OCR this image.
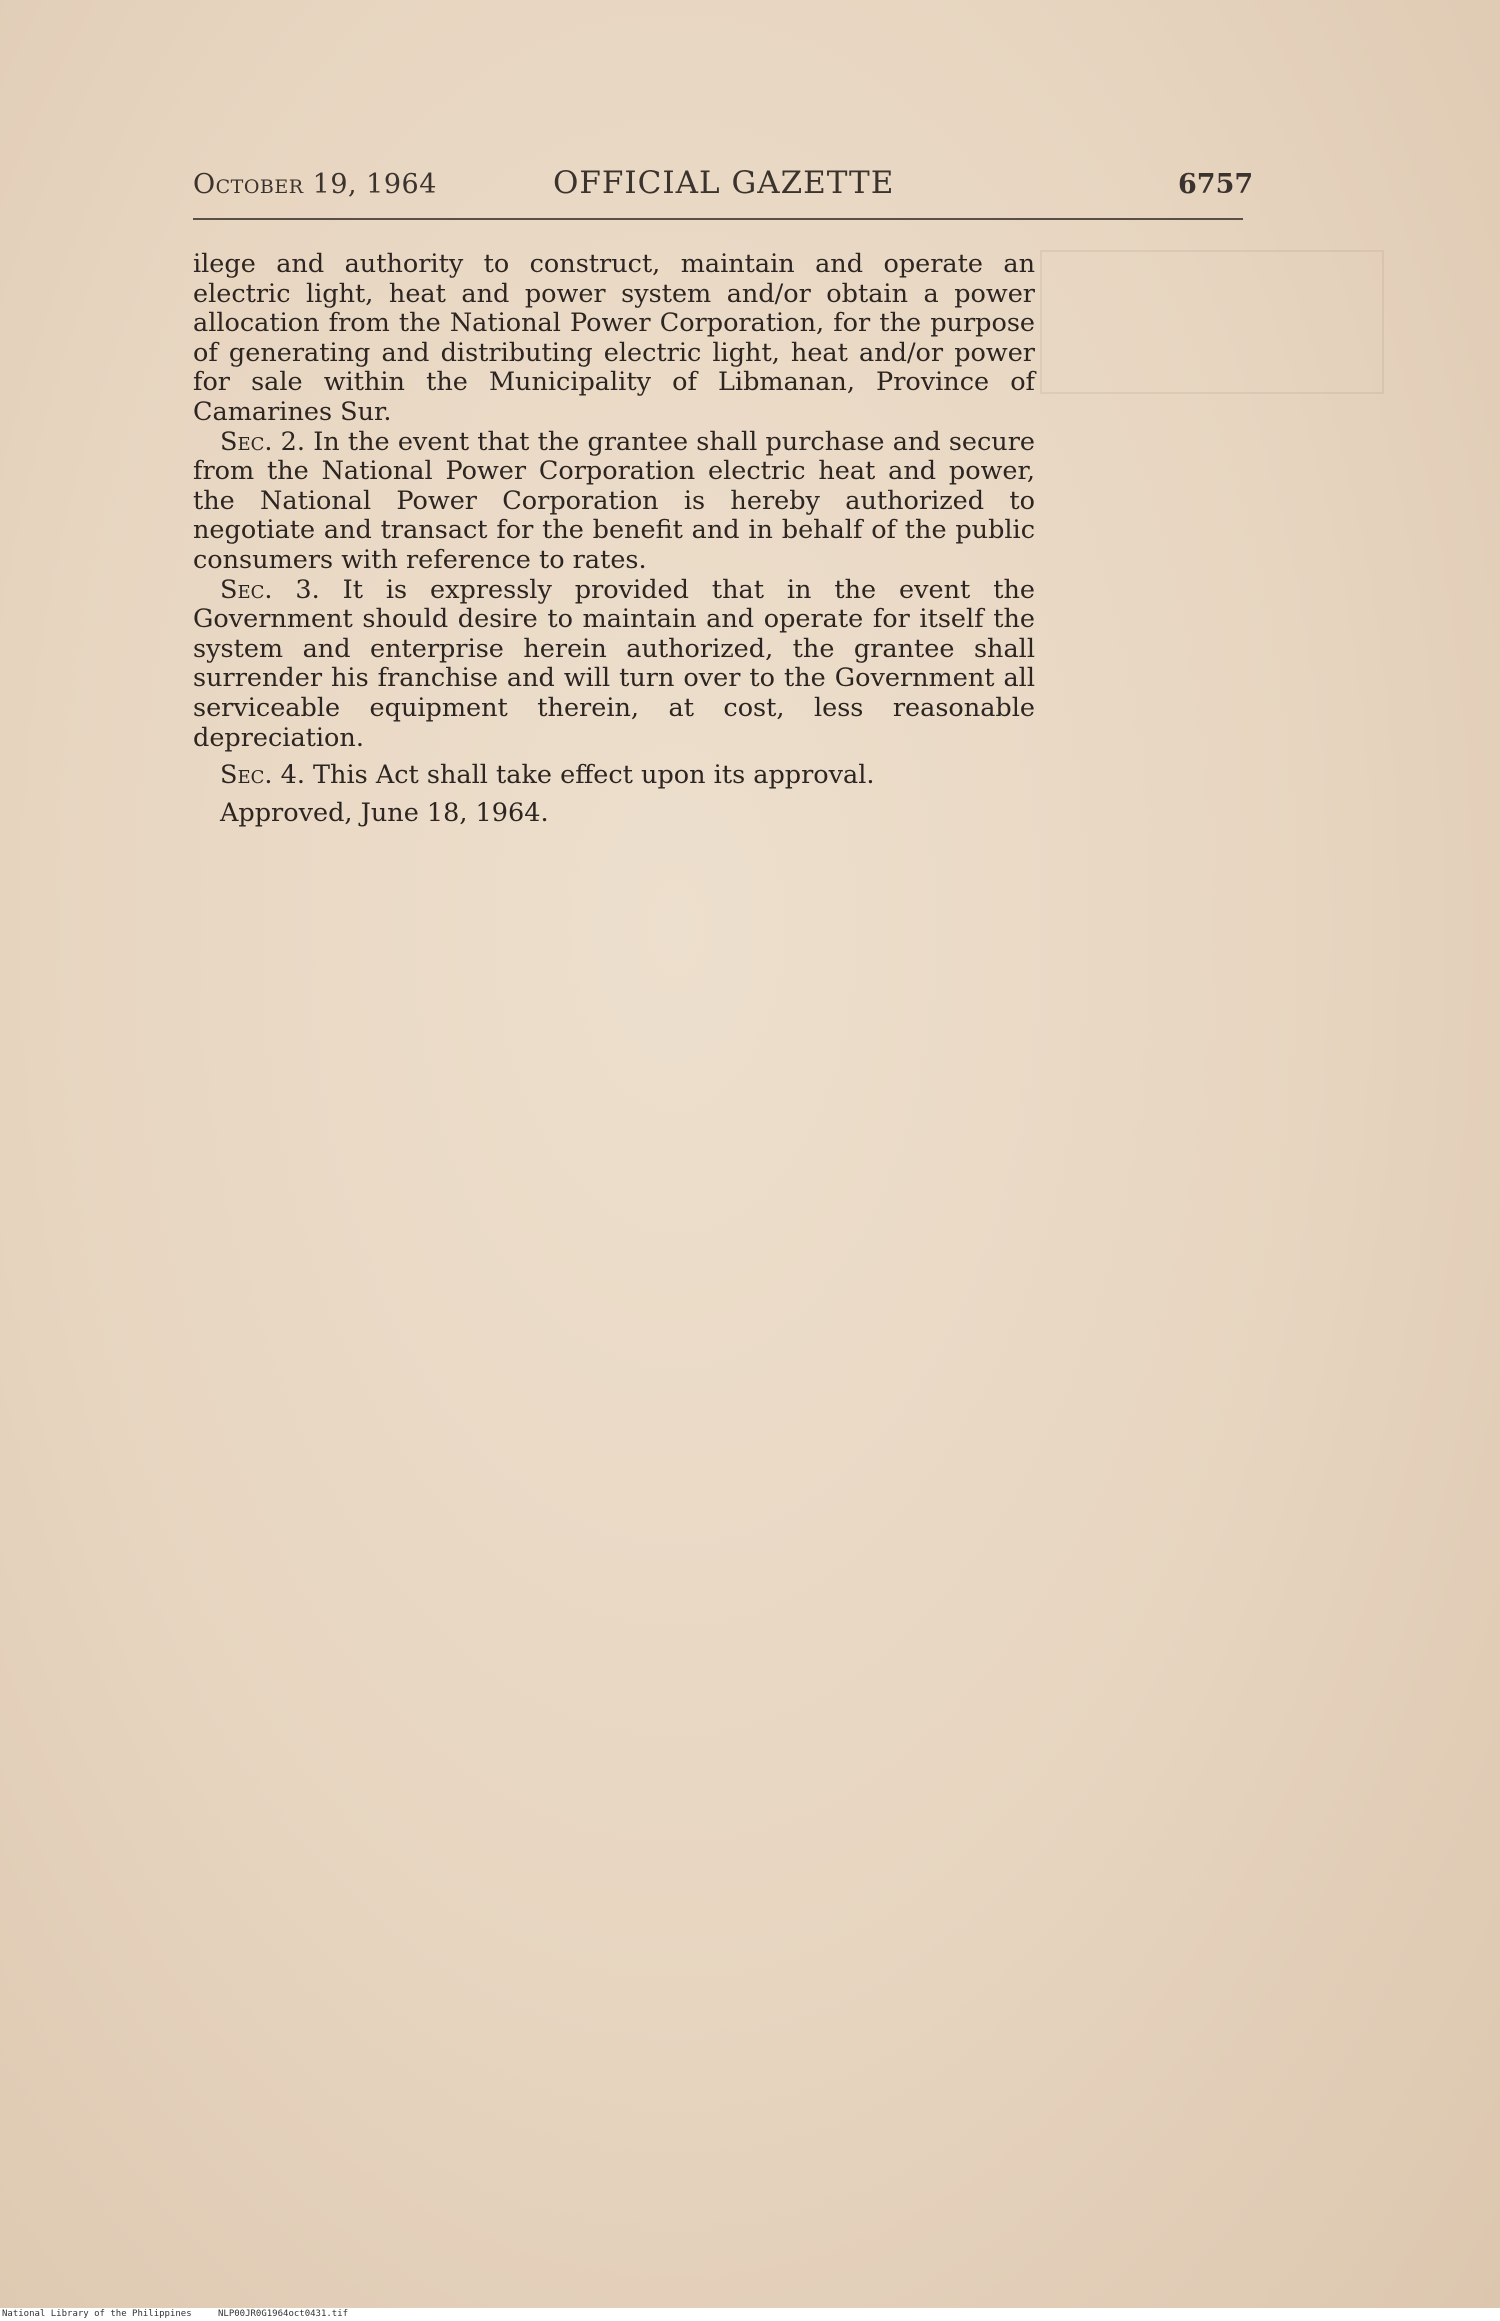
October 19, 1964	OFFICIAL GAZETTE	6757

ilege and authority to construct, maintain and operate an electric light, heat and power system and/or obtain a power allocation from the National Power Corporation, for the purpose of generating and distributing electric light, heat and/or power for sale within the Municipality of Libmanan, Province of Camarines Sur.

Sec. 2. In the event that the grantee shall purchase and secure from the National Power Corporation electric heat and power, the National Power Corporation is hereby authorized to negotiate and transact for the benefit and in behalf of the public consumers with reference to rates.

Sec. 3. It is expressly provided that in the event the Government should desire to maintain and operate for itself the system and enterprise herein authorized, the grantee shall surrender his franchise and will turn over to the Government all serviceable equipment therein, at cost, less reasonable depreciation.

Sec. 4. This Act shall take effect upon its approval.

Approved, June 18, 1964.

National Library of the Philippines	NLP00JR0G1964oct0431.tif
